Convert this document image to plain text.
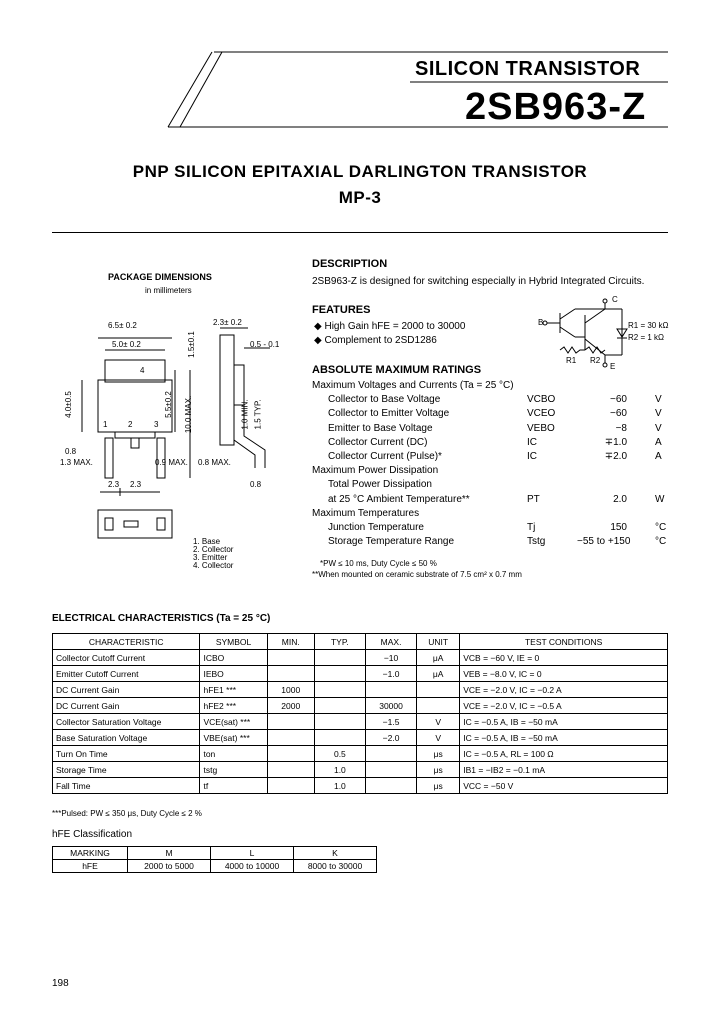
SILICON TRANSISTOR
2SB963-Z
PNP SILICON EPITAXIAL DARLINGTON TRANSISTOR
MP-3
PACKAGE DIMENSIONS
in millimeters
6.5± 0.2
5.0± 0.2
2.3± 0.2
0.5 - 0.1
1.5±0.1
4.0±0.5	5.5±0.2 10.0 MAX.	1.0 MIN. 1.5 TYP.
0.8
1.3 MAX.	0.9 MAX. 0.8 MAX.
2.3 2.3	0.8
4
1	2	3
1. Base
2. Collector
3. Emitter
4. Collector
DESCRIPTION
2SB963-Z is designed for switching especially in Hybrid Integrated Circuits.
FEATURES
◆ High Gain hFE = 2000 to 30000
◆ Complement to 2SD1286
B
C
E
R1 R2
R1 = 30 kΩ
R2 = 1 kΩ
ABSOLUTE MAXIMUM RATINGS
Maximum Voltages and Currents (Ta = 25 °C)
Collector to Base Voltage	VCBO	−60	V
Collector to Emitter Voltage	VCEO	−60	V
Emitter to Base Voltage	VEBO	−8	V
Collector Current (DC)	IC	∓1.0	A
Collector Current (Pulse)*	IC	∓2.0	A
Maximum Power Dissipation
Total Power Dissipation
at 25 °C Ambient Temperature**	PT	2.0	W
Maximum Temperatures
Junction Temperature	Tj	150	°C
Storage Temperature Range	Tstg	−55 to +150 °C
*PW ≤ 10 ms, Duty Cycle ≤ 50 %
**When mounted on ceramic substrate of 7.5 cm² x 0.7 mm
ELECTRICAL CHARACTERISTICS (Ta = 25 °C)
CHARACTERISTIC	SYMBOL	MIN.	TYP.	MAX.	UNIT	TEST CONDITIONS
Collector Cutoff Current	ICBO			−10	μA	VCB = −60 V, IE = 0
Emitter Cutoff Current	IEBO			−1.0	μA	VEB = −8.0 V, IC = 0
DC Current Gain	hFE1 ***	1000				VCE = −2.0 V, IC = −0.2 A
DC Current Gain	hFE2 ***	2000		30000		VCE = −2.0 V, IC = −0.5 A
Collector Saturation Voltage	VCE(sat) ***			−1.5	V	IC = −0.5 A, IB = −50 mA
Base Saturation Voltage	VBE(sat) ***			−2.0	V	IC = −0.5 A, IB = −50 mA
Turn On Time	ton		0.5		μs	IC = −0.5 A, RL = 100 Ω
Storage Time	tstg		1.0		μs	IB1 = −IB2 = −0.1 mA
Fall Time	tf		1.0		μs	VCC = −50 V
***Pulsed: PW ≤ 350 μs, Duty Cycle ≤ 2 %
hFE Classification
MARKING	M	L	K
hFE	2000 to 5000	4000 to 10000	8000 to 30000
198
